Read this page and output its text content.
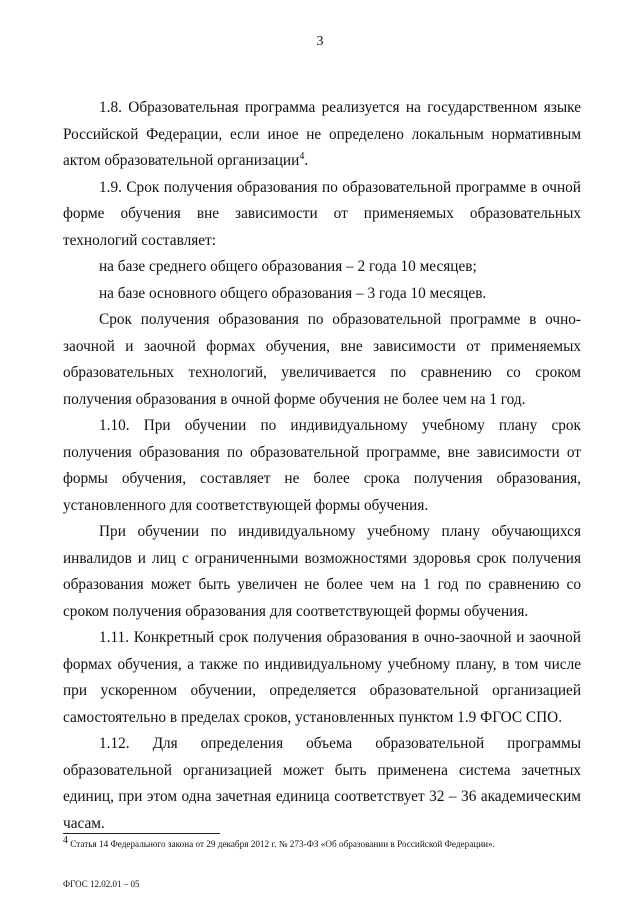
3

1.8. Образовательная программа реализуется на государственном языке Российской Федерации, если иное не определено локальным нормативным актом образовательной организации$^4$.

1.9. Срок получения образования по образовательной программе в очной форме обучения вне зависимости от применяемых образовательных технологий составляет:

на базе среднего общего образования – 2 года 10 месяцев;

на базе основного общего образования – 3 года 10 месяцев.

Срок получения образования по образовательной программе в очно-заочной и заочной формах обучения, вне зависимости от применяемых образовательных технологий, увеличивается по сравнению со сроком получения образования в очной форме обучения не более чем на 1 год.

1.10. При обучении по индивидуальному учебному плану срок получения образования по образовательной программе, вне зависимости от формы обучения, составляет не более срока получения образования, установленного для соответствующей формы обучения.

При обучении по индивидуальному учебному плану обучающихся инвалидов и лиц с ограниченными возможностями здоровья срок получения образования может быть увеличен не более чем на 1 год по сравнению со сроком получения образования для соответствующей формы обучения.

1.11. Конкретный срок получения образования в очно-заочной и заочной формах обучения, а также по индивидуальному учебному плану, в том числе при ускоренном обучении, определяется образовательной организацией самостоятельно в пределах сроков, установленных пунктом 1.9 ФГОС СПО.

1.12. Для определения объема образовательной программы образовательной организацией может быть применена система зачетных единиц, при этом одна зачетная единица соответствует 32 – 36 академическим часам.

$^4$ Статья 14 Федерального закона от 29 декабря 2012 г. № 273-ФЗ «Об образовании в Российской Федерации».
ФГОС 12.02.01 – 05
